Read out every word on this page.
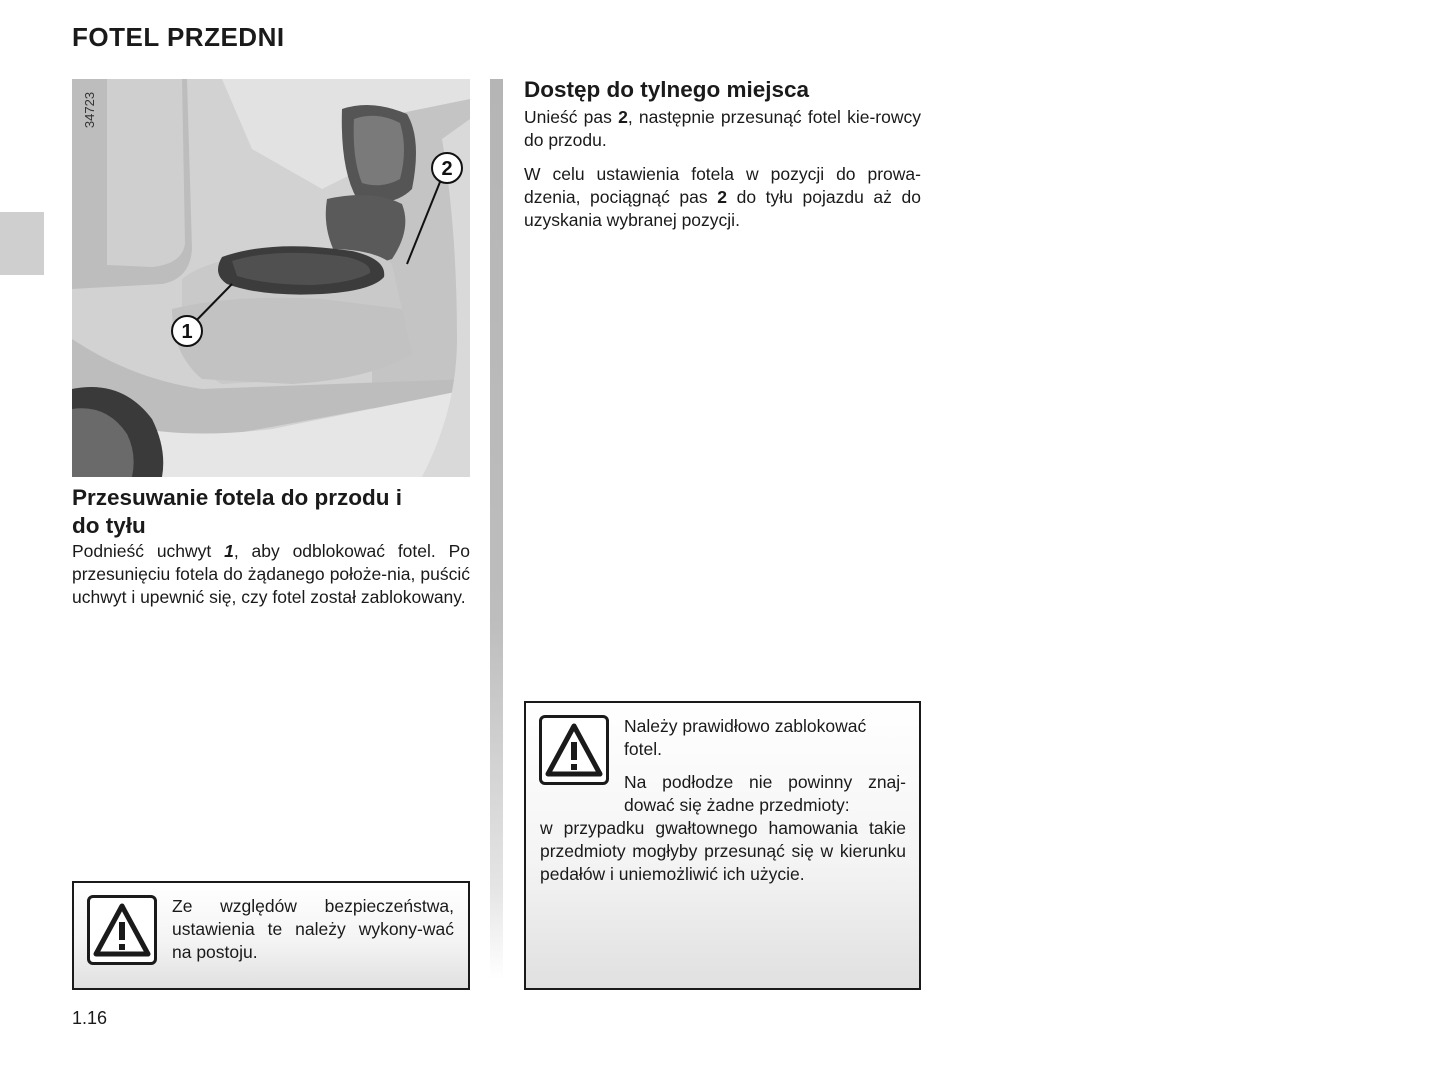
FOTEL PRZEDNI
1
2
34723
Przesuwanie fotela do przodu i
do tyłu

Podnieść uchwyt 1, aby odblokować fotel. Po przesunięciu fotela do żądanego położe-nia, puścić uchwyt i upewnić się, czy fotel został zablokowany.

Dostęp do tylnego miejsca

Unieść pas 2, następnie przesunąć fotel kie-rowcy do przodu.

W celu ustawienia fotela w pozycji do prowa-dzenia, pociągnąć pas 2 do tyłu pojazdu aż do uzyskania wybranej pozycji.

Należy prawidłowo zablokować fotel.
Na podłodze nie powinny znaj-dować się żadne przedmioty:
w przypadku gwałtownego hamowania takie przedmioty mogłyby przesunąć się w kierunku pedałów i uniemożliwić ich użycie.
Ze względów bezpieczeństwa, ustawienia te należy wykony-wać na postoju.
1.16
